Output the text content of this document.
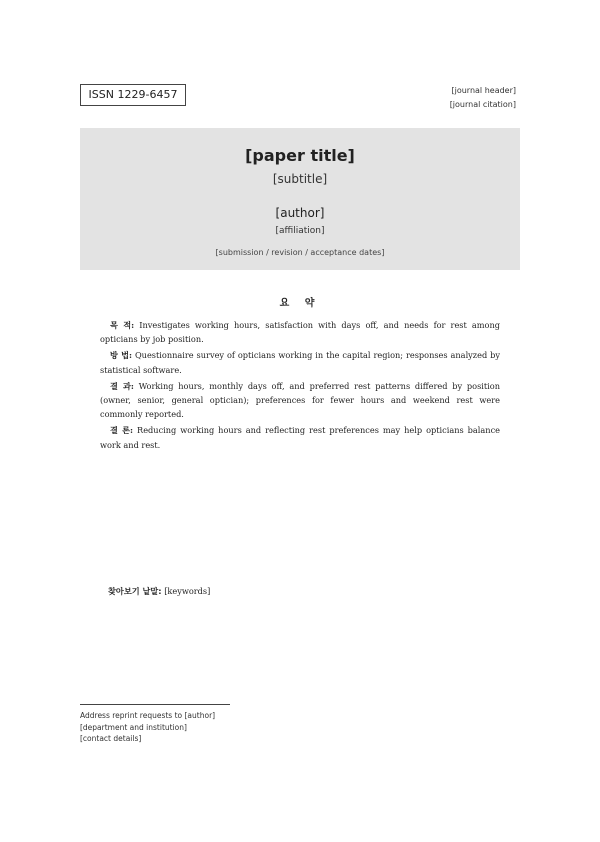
ISSN 1229-6457	[journal header]
[journal citation]
[paper title]
[subtitle]
[author]
[affiliation]
[submission / revision / acceptance dates]
요 약

목 적: Investigates working hours, satisfaction with days off, and needs for rest among opticians by job position.

방 법: Questionnaire survey of opticians working in the capital region; responses analyzed by statistical software.

결 과: Working hours, monthly days off, and preferred rest patterns differed by position (owner, senior, general optician); preferences for fewer hours and weekend rest were commonly reported.

결 론: Reducing working hours and reflecting rest preferences may help opticians balance work and rest.

찾아보기 낱말: [keywords]
Address reprint requests to [author]
[department and institution]
[contact details]
